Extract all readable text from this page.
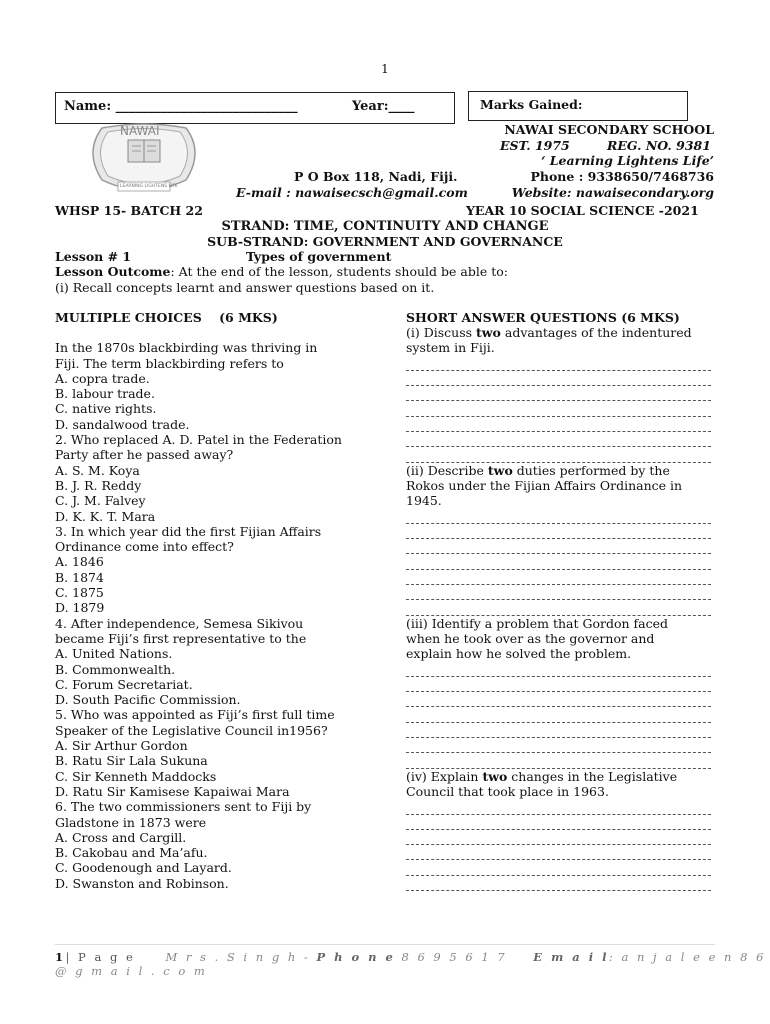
1
Name: ____________________________	Year:____	Marks Gained:
NAWAI
LEARNING LIGHTENS LIFE
NAWAI SECONDARY SCHOOL
EST. 1975	REG. NO. 9381
‘ Learning Lightens Life’
P O Box 118, Nadi, Fiji.	Phone : 9338650/7468736
E-mail : nawaisecsch@gmail.com	Website: nawaisecondary.org
WHSP 15- BATCH 22	YEAR 10 SOCIAL SCIENCE -2021
STRAND: TIME, CONTINUITY AND CHANGE
SUB-STRAND: GOVERNMENT AND GOVERNANCE
Lesson # 1	Types of government
Lesson Outcome: At the end of the lesson, students should be able to:
(i) Recall concepts learnt and answer questions based on it.
MULTIPLE CHOICES    (6 MKS)
In the 1870s blackbirding was thriving in
Fiji. The term blackbirding refers to
A. copra trade.
B. labour trade.
C. native rights.
D. sandalwood trade.
2. Who replaced A. D. Patel in the Federation
Party after he passed away?
A. S. M. Koya
B. J. R. Reddy
C. J. M. Falvey
D. K. K. T. Mara
3. In which year did the first Fijian Affairs
Ordinance come into effect?
A. 1846
B. 1874
C. 1875
D. 1879
4. After independence, Semesa Sikivou
became Fiji’s first representative to the
A. United Nations.
B. Commonwealth.
C. Forum Secretariat.
D. South Pacific Commission.
5. Who was appointed as Fiji’s first full time
Speaker of the Legislative Council in1956?
A. Sir Arthur Gordon
B. Ratu Sir Lala Sukuna
C. Sir Kenneth Maddocks
D. Ratu Sir Kamisese Kapaiwai Mara
6. The two commissioners sent to Fiji by
Gladstone in 1873 were
A. Cross and Cargill.
B. Cakobau and Ma’afu.
C. Goodenough and Layard.
D. Swanston and Robinson.
SHORT ANSWER QUESTIONS (6 MKS)
(i) Discuss two advantages of the indentured
system in Fiji.
(ii) Describe two duties performed by the
Rokos under the Fijian Affairs Ordinance in
1945.
(iii) Identify a problem that Gordon faced
when he took over as the governor and
explain how he solved the problem.
(iv) Explain two changes in the Legislative
Council that took place in 1963.
1| P a g e	M r s . S i n g h - P h o n e 8 6 9 5 6 1 7 E m a i l: a n j a l e e n 8 6 @ g m a i l . c o m
